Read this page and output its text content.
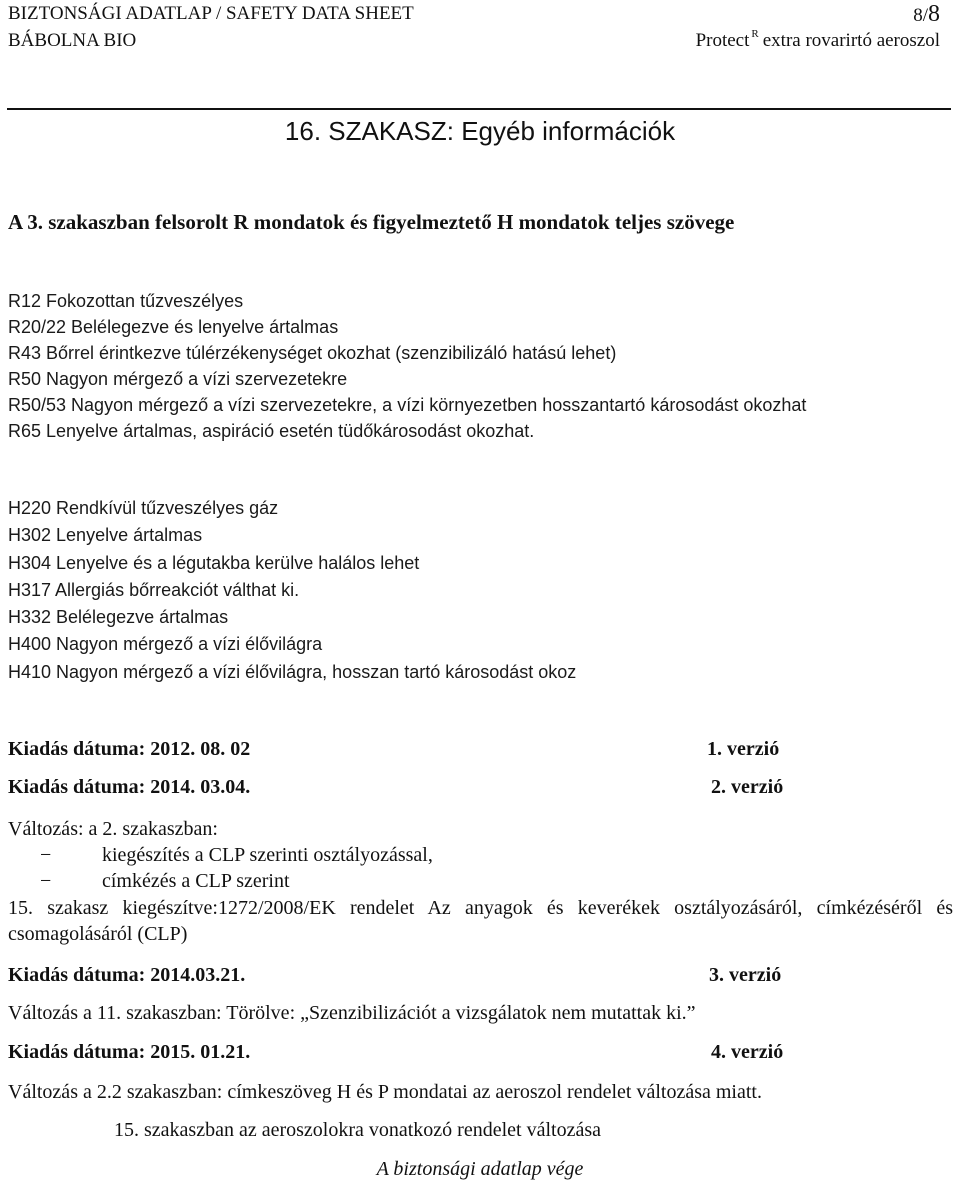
BIZTONSÁGI ADATLAP / SAFETY DATA SHEET	8/ 8
BÁBOLNA BIO	Protect R extra rovarirtó aeroszol
16. SZAKASZ: Egyéb információk
A 3. szakaszban felsorolt R mondatok és figyelmeztető H mondatok teljes szövege
R12 Fokozottan tűzveszélyes
R20/22 Belélegezve és lenyelve ártalmas
R43 Bőrrel érintkezve túlérzékenységet okozhat (szenzibilizáló hatású lehet)
R50 Nagyon mérgező a vízi szervezetekre
R50/53 Nagyon mérgező a vízi szervezetekre, a vízi környezetben hosszantartó károsodást okozhat
R65 Lenyelve ártalmas, aspiráció esetén tüdőkárosodást okozhat.
H220 Rendkívül tűzveszélyes gáz
H302 Lenyelve ártalmas
H304 Lenyelve és a légutakba kerülve halálos lehet
H317 Allergiás bőrreakciót válthat ki.
H332 Belélegezve ártalmas
H400 Nagyon mérgező a vízi élővilágra
H410 Nagyon mérgező a vízi élővilágra, hosszan tartó károsodást okoz
Kiadás dátuma: 2012. 08. 02	1. verzió
Kiadás dátuma: 2014. 03.04.	2. verzió
Változás: a 2. szakaszban:
−	kiegészítés a CLP szerinti osztályozással,
−	címkézés a CLP szerint
15. szakasz kiegészítve:1272/2008/EK rendelet Az anyagok és keverékek osztályozásáról, címkézéséről és csomagolásáról (CLP)
Kiadás dátuma: 2014.03.21.	3. verzió
Változás a 11. szakaszban: Törölve: „Szenzibilizációt a vizsgálatok nem mutattak ki.”
Kiadás dátuma: 2015. 01.21.	4. verzió
Változás a 2.2 szakaszban: címkeszöveg H és P mondatai az aeroszol rendelet változása miatt.
15. szakaszban az aeroszolokra vonatkozó rendelet változása
A biztonsági adatlap vége
